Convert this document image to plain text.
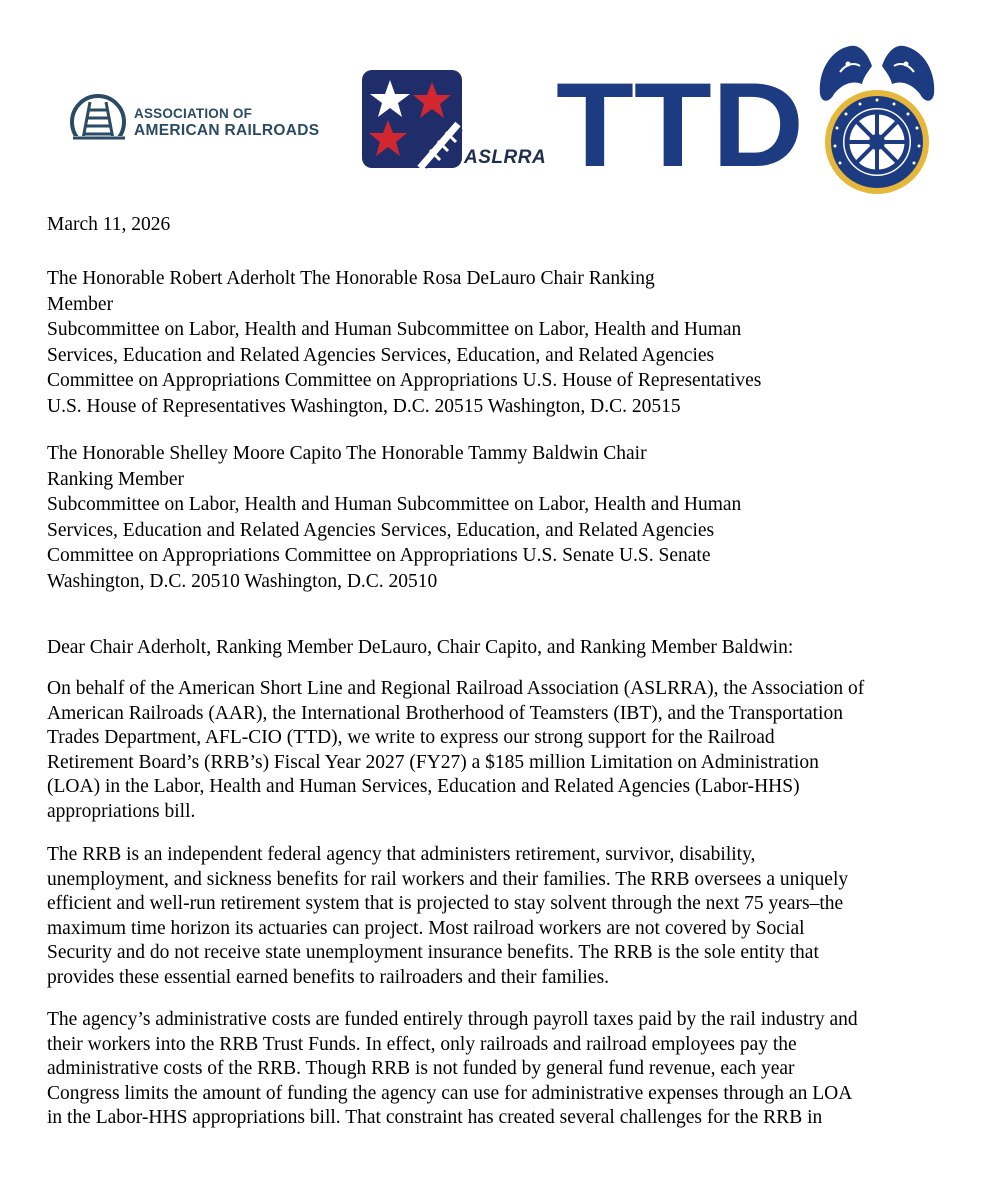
ASSOCIATION OF
AMERICAN RAILROADS
ASLRRA TTD
March 11, 2026
The Honorable Robert Aderholt The Honorable Rosa DeLauro Chair Ranking
Member
Subcommittee on Labor, Health and Human Subcommittee on Labor, Health and Human
Services, Education and Related Agencies Services, Education, and Related Agencies
Committee on Appropriations Committee on Appropriations U.S. House of Representatives
U.S. House of Representatives Washington, D.C. 20515 Washington, D.C. 20515
The Honorable Shelley Moore Capito The Honorable Tammy Baldwin Chair
Ranking Member
Subcommittee on Labor, Health and Human Subcommittee on Labor, Health and Human
Services, Education and Related Agencies Services, Education, and Related Agencies
Committee on Appropriations Committee on Appropriations U.S. Senate U.S. Senate
Washington, D.C. 20510 Washington, D.C. 20510
Dear Chair Aderholt, Ranking Member DeLauro, Chair Capito, and Ranking Member Baldwin:
On behalf of the American Short Line and Regional Railroad Association (ASLRRA), the Association of
American Railroads (AAR), the International Brotherhood of Teamsters (IBT), and the Transportation
Trades Department, AFL-CIO (TTD), we write to express our strong support for the Railroad
Retirement Board’s (RRB’s) Fiscal Year 2027 (FY27) a $185 million Limitation on Administration
(LOA) in the Labor, Health and Human Services, Education and Related Agencies (Labor-HHS)
appropriations bill.
The RRB is an independent federal agency that administers retirement, survivor, disability,
unemployment, and sickness benefits for rail workers and their families. The RRB oversees a uniquely
efficient and well-run retirement system that is projected to stay solvent through the next 75 years–the
maximum time horizon its actuaries can project. Most railroad workers are not covered by Social
Security and do not receive state unemployment insurance benefits. The RRB is the sole entity that
provides these essential earned benefits to railroaders and their families.
The agency’s administrative costs are funded entirely through payroll taxes paid by the rail industry and
their workers into the RRB Trust Funds. In effect, only railroads and railroad employees pay the
administrative costs of the RRB. Though RRB is not funded by general fund revenue, each year
Congress limits the amount of funding the agency can use for administrative expenses through an LOA
in the Labor-HHS appropriations bill. That constraint has created several challenges for the RRB in
